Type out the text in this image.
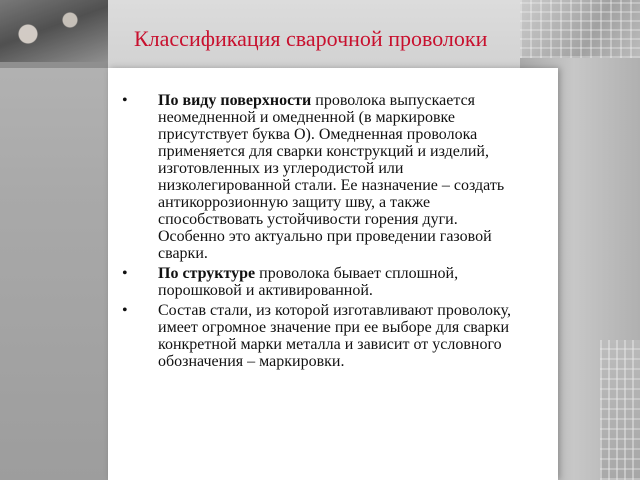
Классификация сварочной проволоки
• По виду поверхности проволока выпускается неомедненной и омедненной (в маркировке присутствует буква О). Омедненная проволока применяется для сварки конструкций и изделий, изготовленных из углеродистой или низколегированной стали. Ее назначение – создать антикоррозионную защиту шву, а также способствовать устойчивости горения дуги. Особенно это актуально при проведении газовой сварки.
• По структуре проволока бывает сплошной, порошковой и активированной.
• Состав стали, из которой изготавливают проволоку, имеет огромное значение при ее выборе для сварки конкретной марки металла и зависит от условного обозначения – маркировки.
